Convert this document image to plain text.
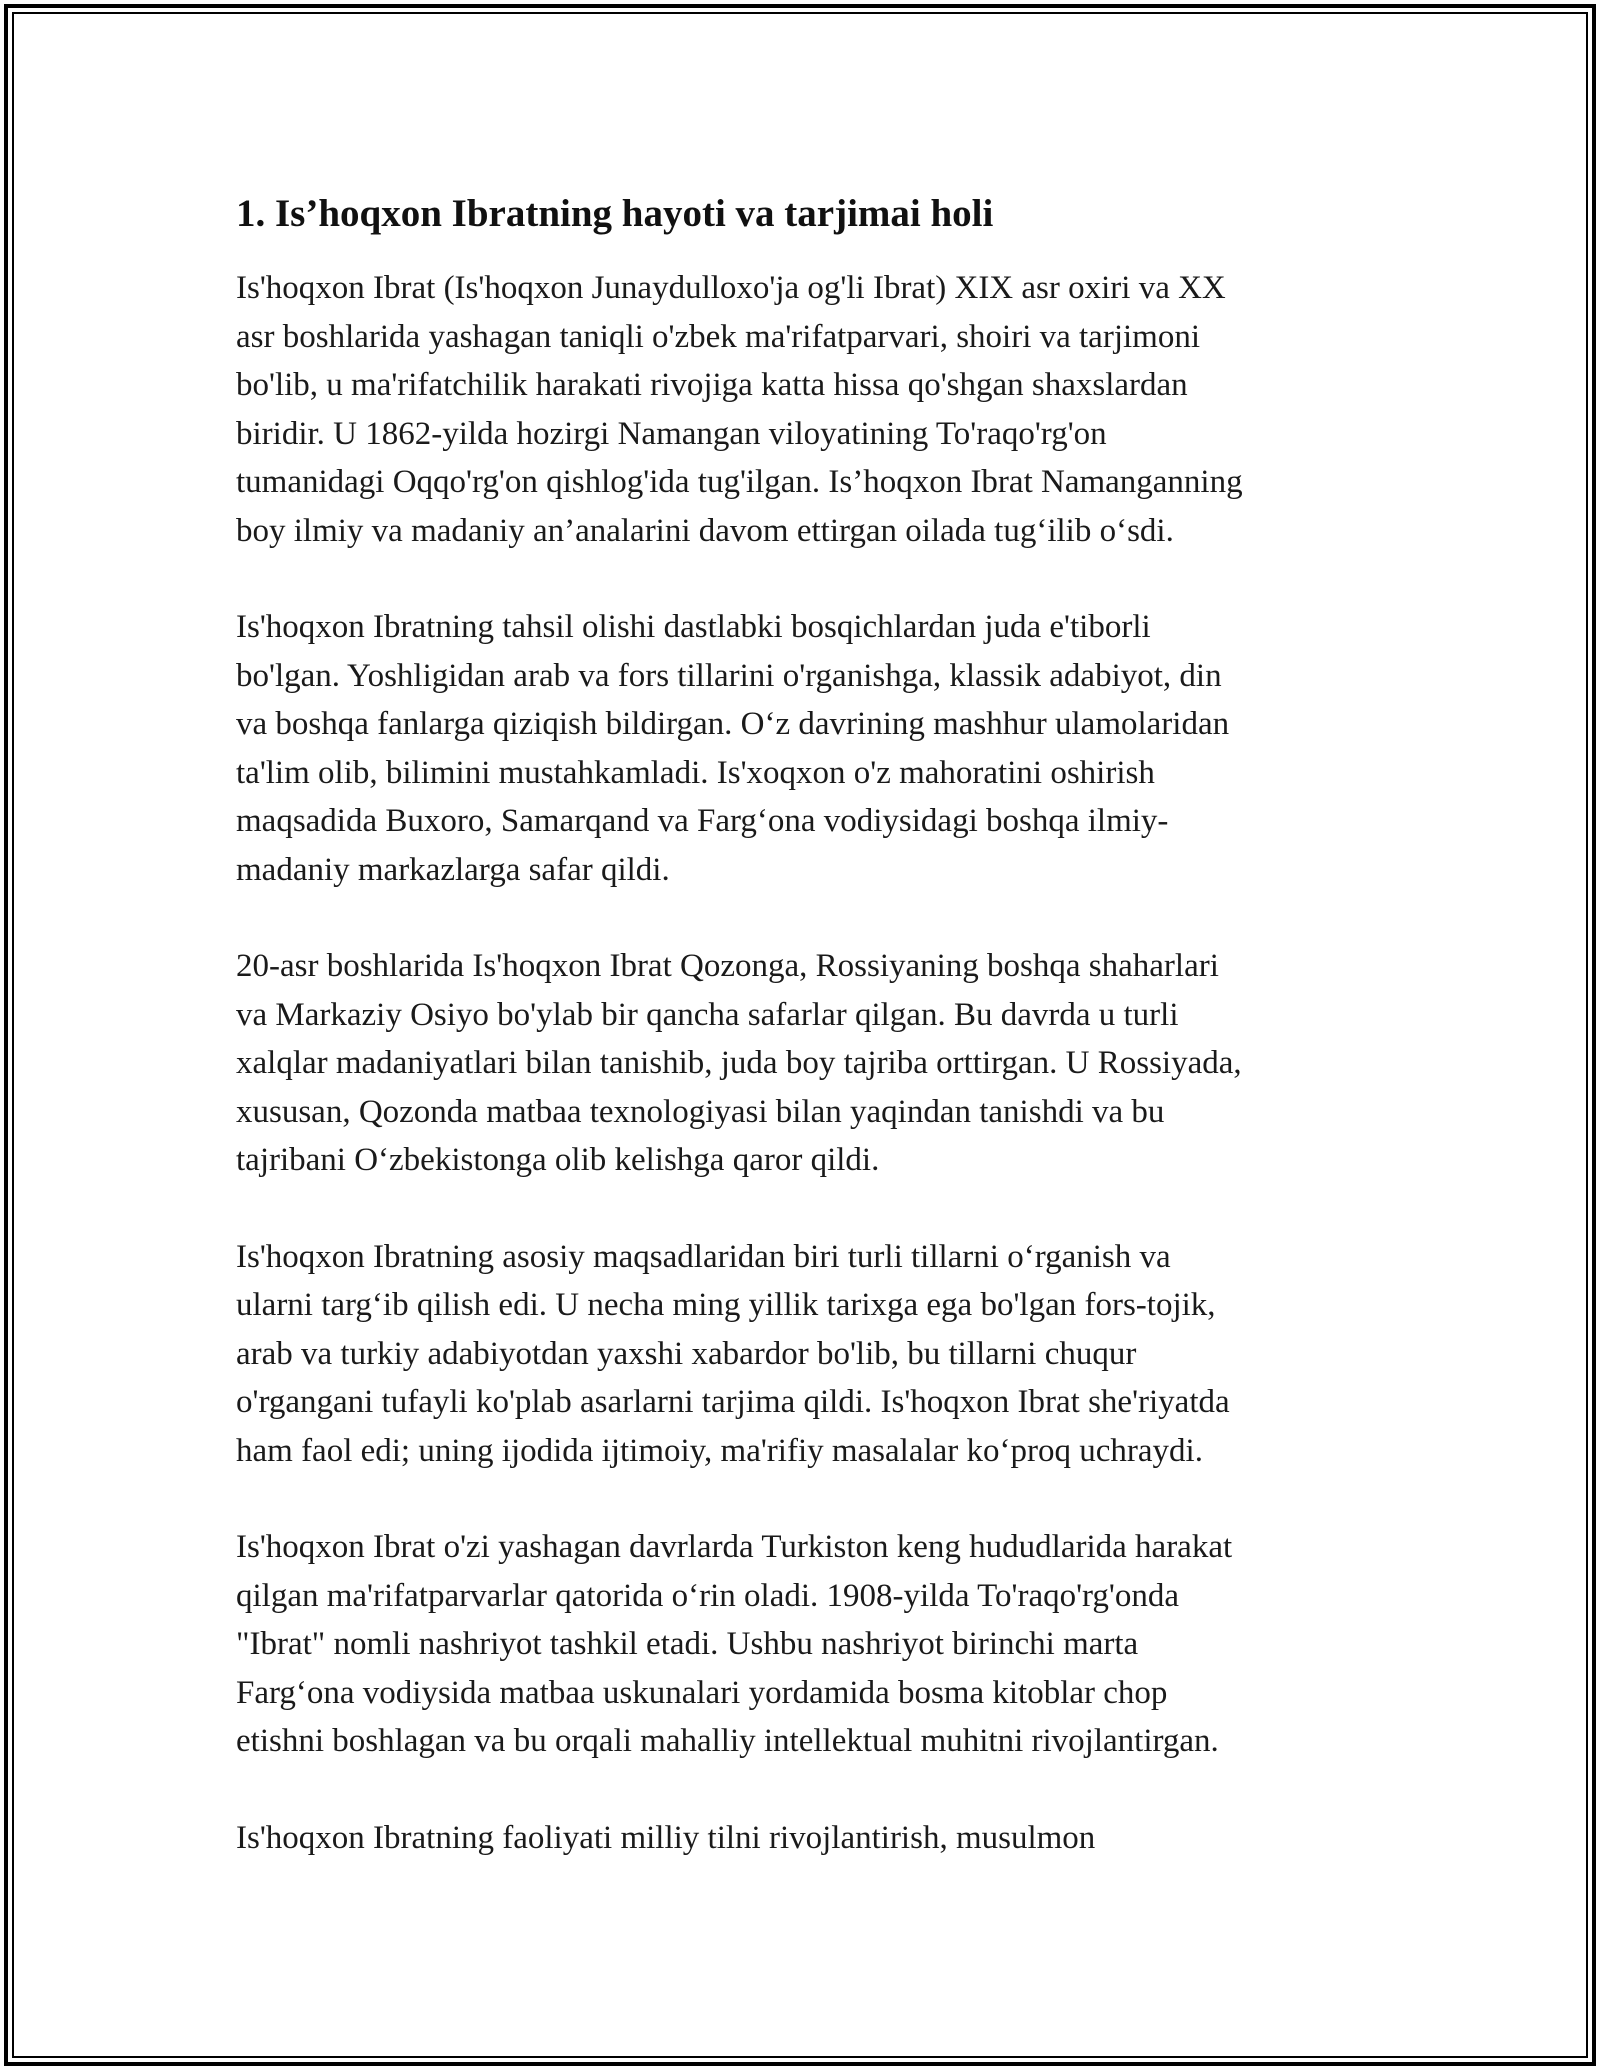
1. Is’hoqxon Ibratning hayoti va tarjimai holi

Is'hoqxon Ibrat (Is'hoqxon Junaydulloxo'ja og'li Ibrat) XIX asr oxiri va XX
asr boshlarida yashagan taniqli o'zbek ma'rifatparvari, shoiri va tarjimoni
bo'lib, u ma'rifatchilik harakati rivojiga katta hissa qo'shgan shaxslardan
biridir. U 1862-yilda hozirgi Namangan viloyatining To'raqo'rg'on
tumanidagi Oqqo'rg'on qishlog'ida tug'ilgan. Is’hoqxon Ibrat Namanganning
boy ilmiy va madaniy an’analarini davom ettirgan oilada tug‘ilib o‘sdi.

Is'hoqxon Ibratning tahsil olishi dastlabki bosqichlardan juda e'tiborli
bo'lgan. Yoshligidan arab va fors tillarini o'rganishga, klassik adabiyot, din
va boshqa fanlarga qiziqish bildirgan. O‘z davrining mashhur ulamolaridan
ta'lim olib, bilimini mustahkamladi. Is'xoqxon o'z mahoratini oshirish
maqsadida Buxoro, Samarqand va Farg‘ona vodiysidagi boshqa ilmiy-
madaniy markazlarga safar qildi.

20-asr boshlarida Is'hoqxon Ibrat Qozonga, Rossiyaning boshqa shaharlari
va Markaziy Osiyo bo'ylab bir qancha safarlar qilgan. Bu davrda u turli
xalqlar madaniyatlari bilan tanishib, juda boy tajriba orttirgan. U Rossiyada,
xususan, Qozonda matbaa texnologiyasi bilan yaqindan tanishdi va bu
tajribani O‘zbekistonga olib kelishga qaror qildi.

Is'hoqxon Ibratning asosiy maqsadlaridan biri turli tillarni o‘rganish va
ularni targ‘ib qilish edi. U necha ming yillik tarixga ega bo'lgan fors-tojik,
arab va turkiy adabiyotdan yaxshi xabardor bo'lib, bu tillarni chuqur
o'rgangani tufayli ko'plab asarlarni tarjima qildi. Is'hoqxon Ibrat she'riyatda
ham faol edi; uning ijodida ijtimoiy, ma'rifiy masalalar ko‘proq uchraydi.

Is'hoqxon Ibrat o'zi yashagan davrlarda Turkiston keng hududlarida harakat
qilgan ma'rifatparvarlar qatorida o‘rin oladi. 1908-yilda To'raqo'rg'onda
"Ibrat" nomli nashriyot tashkil etadi. Ushbu nashriyot birinchi marta
Farg‘ona vodiysida matbaa uskunalari yordamida bosma kitoblar chop
etishni boshlagan va bu orqali mahalliy intellektual muhitni rivojlantirgan.

Is'hoqxon Ibratning faoliyati milliy tilni rivojlantirish, musulmon
